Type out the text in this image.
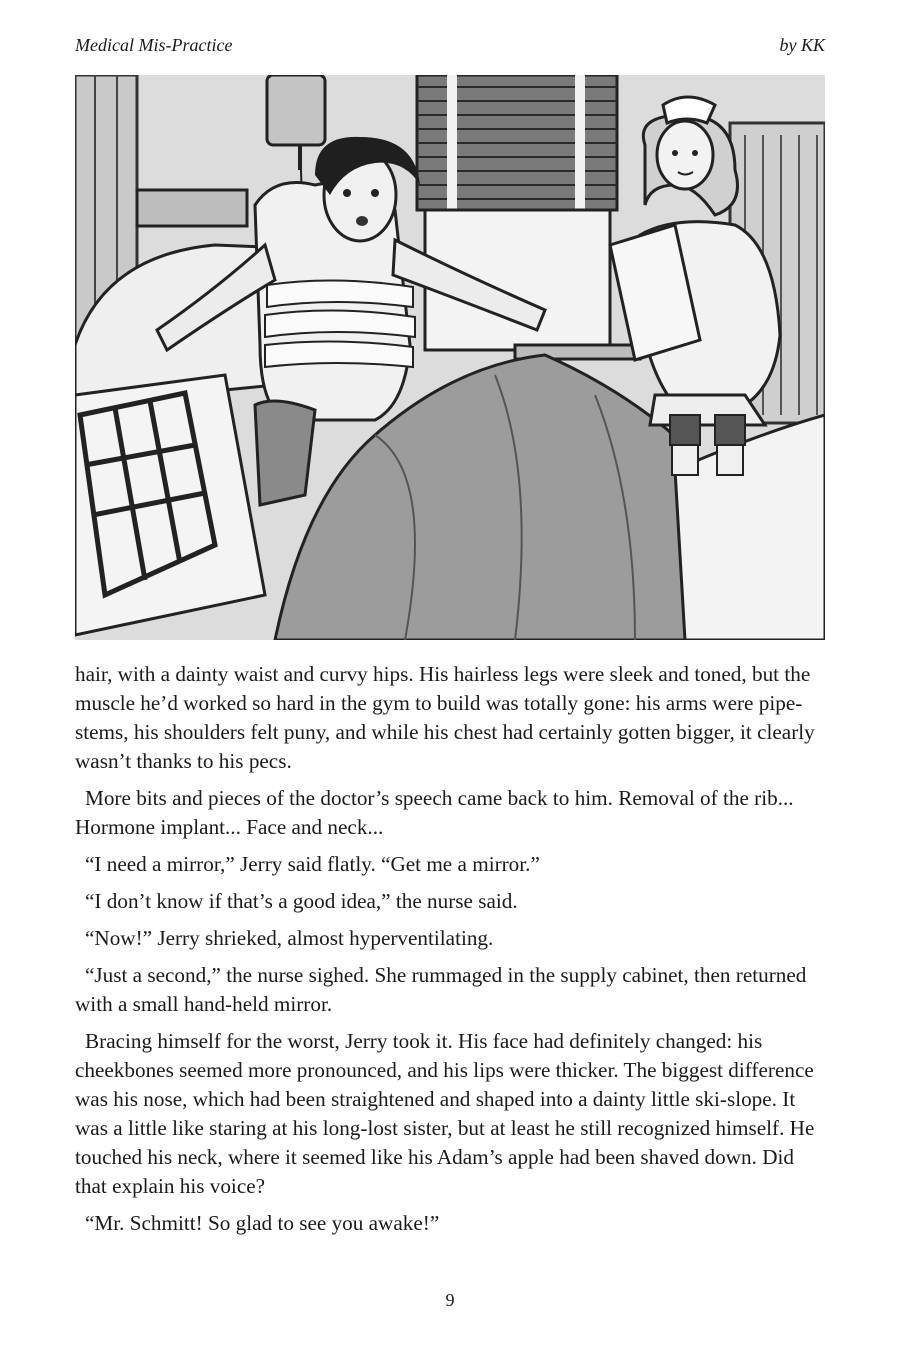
Medical Mis-Practice	by KK

hair, with a dainty waist and curvy hips. His hairless legs were sleek and toned, but the muscle he’d worked so hard in the gym to build was totally gone: his arms were pipe-stems, his shoulders felt puny, and while his chest had certainly gotten bigger, it clearly wasn’t thanks to his pecs.

More bits and pieces of the doctor’s speech came back to him. Removal of the rib... Hormone implant... Face and neck...

“I need a mirror,” Jerry said flatly. “Get me a mirror.”

“I don’t know if that’s a good idea,” the nurse said.

“Now!” Jerry shrieked, almost hyperventilating.

“Just a second,” the nurse sighed. She rummaged in the supply cabinet, then returned with a small hand-held mirror.

Bracing himself for the worst, Jerry took it. His face had definitely changed: his cheekbones seemed more pronounced, and his lips were thicker. The biggest difference was his nose, which had been straightened and shaped into a dainty little ski-slope. It was a little like staring at his long-lost sister, but at least he still recognized himself. He touched his neck, where it seemed like his Adam’s apple had been shaved down. Did that explain his voice?

“Mr. Schmitt! So glad to see you awake!”

9
